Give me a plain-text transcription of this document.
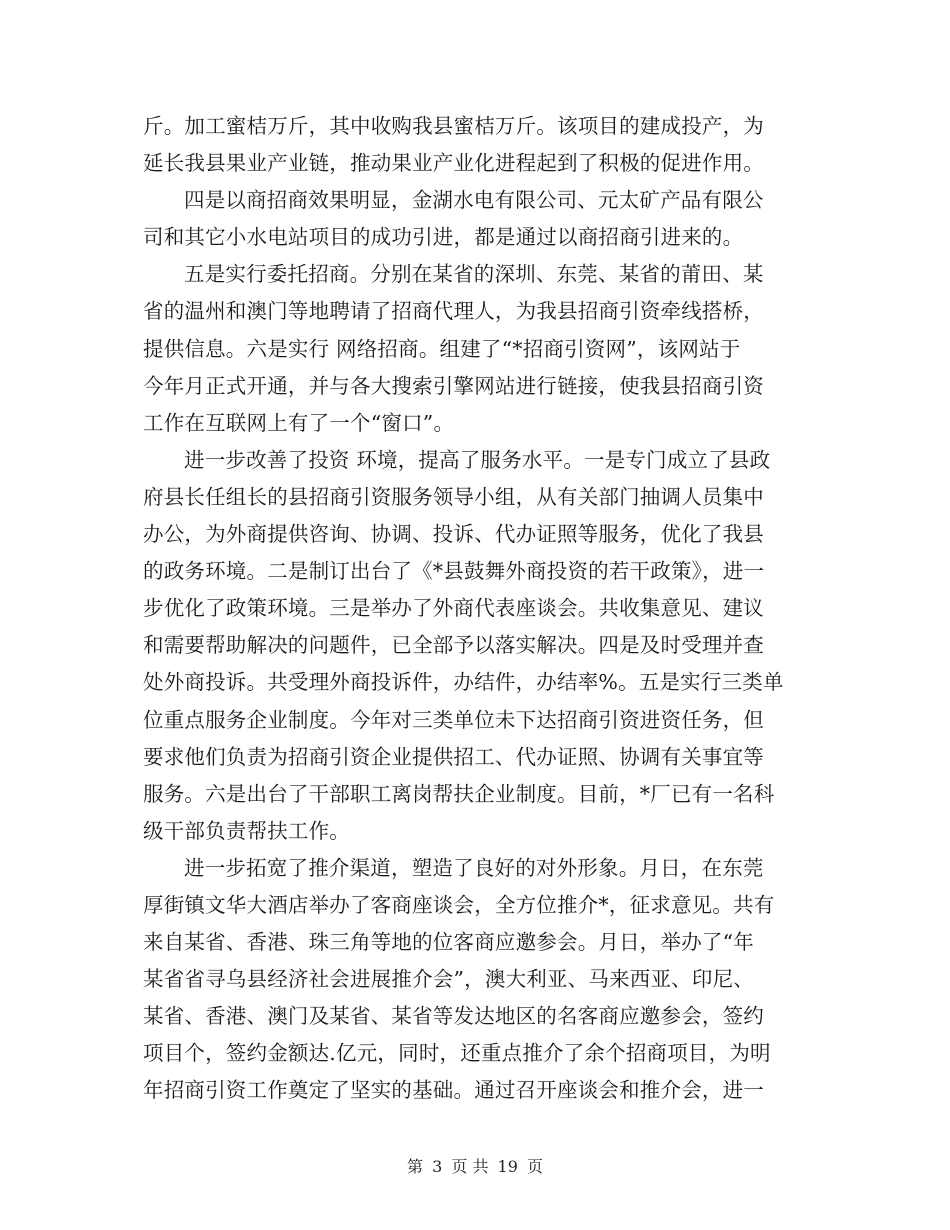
斤。加工蜜桔万斤，其中收购我县蜜桔万斤。该项目的建成投产，为
延长我县果业产业链，推动果业产业化进程起到了积极的促进作用。
四是以商招商效果明显，金湖水电有限公司、元太矿产品有限公
司和其它小水电站项目的成功引进，都是通过以商招商引进来的。
五是实行委托招商。分别在某省的深圳、东莞、某省的莆田、某
省的温州和澳门等地聘请了招商代理人，为我县招商引资牵线搭桥，
提供信息。六是实行 网络招商。组建了“*招商引资网”，该网站于
今年月正式开通，并与各大搜索引擎网站进行链接，使我县招商引资
工作在互联网上有了一个“窗口”。
进一步改善了投资 环境，提高了服务水平。一是专门成立了县政
府县长任组长的县招商引资服务领导小组，从有关部门抽调人员集中
办公，为外商提供咨询、协调、投诉、代办证照等服务，优化了我县
的政务环境。二是制订出台了《*县鼓舞外商投资的若干政策》，进一
步优化了政策环境。三是举办了外商代表座谈会。共收集意见、建议
和需要帮助解决的问题件，已全部予以落实解决。四是及时受理并查
处外商投诉。共受理外商投诉件，办结件，办结率%。五是实行三类单
位重点服务企业制度。今年对三类单位未下达招商引资进资任务，但
要求他们负责为招商引资企业提供招工、代办证照、协调有关事宜等
服务。六是出台了干部职工离岗帮扶企业制度。目前，*厂已有一名科
级干部负责帮扶工作。
进一步拓宽了推介渠道，塑造了良好的对外形象。月日，在东莞
厚街镇文华大酒店举办了客商座谈会，全方位推介*，征求意见。共有
来自某省、香港、珠三角等地的位客商应邀参会。月日，举办了“年
某省省寻乌县经济社会进展推介会”，澳大利亚、马来西亚、印尼、
某省、香港、澳门及某省、某省等发达地区的名客商应邀参会，签约
项目个，签约金额达.亿元，同时，还重点推介了余个招商项目，为明
年招商引资工作奠定了坚实的基础。通过召开座谈会和推介会，进一
第 3 页 共 19 页
